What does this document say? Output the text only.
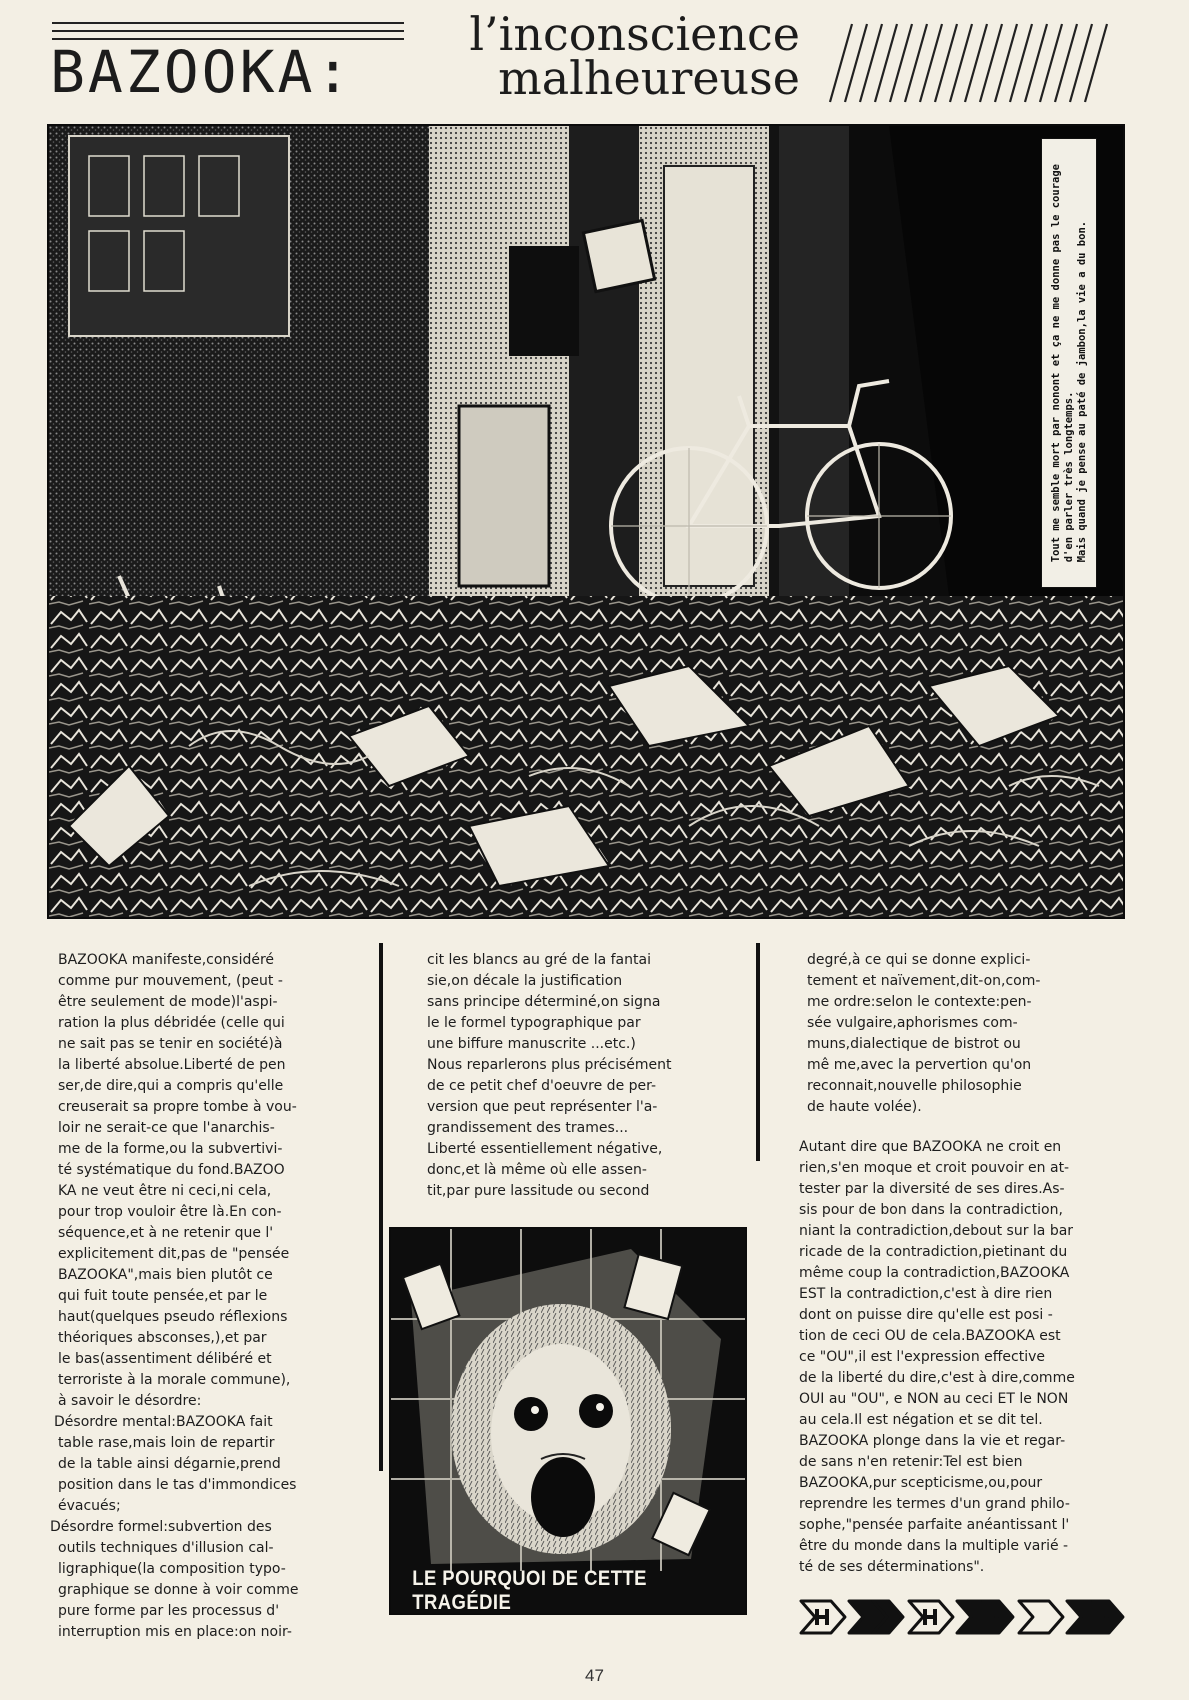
BAZOOKA:
l’inconscience
malheureuse
Tout me semble mort par nonont et ça ne me donne pas le courage d'en parler très longtemps. Mais quand je pense au paté de jambon,la vie a du bon.

BAZOOKA manifeste,considéré

comme pur mouvement, (peut -

être seulement de mode)l'aspi-

ration la plus débridée (celle qui

ne sait pas se tenir en société)à

la liberté absolue.Liberté de pen

ser,de dire,qui a compris qu'elle

creuserait sa propre tombe à vou-

loir ne serait-ce que l'anarchis-

me de la forme,ou la subvertivi-

té systématique du fond.BAZOO

KA ne veut être ni ceci,ni cela,

pour trop vouloir être là.En con-

séquence,et à ne retenir que l'

explicitement dit,pas de "pensée

BAZOOKA",mais bien plutôt ce

qui fuit toute pensée,et par le

haut(quelques pseudo réflexions

théoriques absconses,),et par

le bas(assentiment délibéré et

terroriste à la morale commune),

à savoir le désordre:

Désordre mental:BAZOOKA fait

table rase,mais loin de repartir

de la table ainsi dégarnie,prend

position dans le tas d'immondices

évacués;

Désordre formel:subvertion des

outils techniques d'illusion cal-

ligraphique(la composition typo-

graphique se donne à voir comme

pure forme par les processus d'

interruption mis en place:on noir-

cit les blancs au gré de la fantai

sie,on décale la justification

sans principe déterminé,on signa

le le formel typographique par

une biffure manuscrite ...etc.)

Nous reparlerons plus précisément

de ce petit chef d'oeuvre de per-

version que peut représenter l'a-

grandissement des trames...

Liberté essentiellement négative,

donc,et là même où elle assen-

tit,par pure lassitude ou second

LE POURQUOI DE CETTE TRAGÉDIE

degré,à ce qui se donne explici-

tement et naïvement,dit-on,com-

me ordre:selon le contexte:pen-

sée vulgaire,aphorismes com-

muns,dialectique de bistrot ou

mê me,avec la pervertion qu'on

reconnait,nouvelle philosophie

de haute volée).

Autant dire que BAZOOKA ne croit en

rien,s'en moque et croit pouvoir en at-

tester par la diversité de ses dires.As-

sis pour de bon dans la contradiction,

niant la contradiction,debout sur la bar

ricade de la contradiction,pietinant du

même coup la contradiction,BAZOOKA

EST la contradiction,c'est à dire rien

dont on puisse dire qu'elle est posi -

tion de ceci OU de cela.BAZOOKA est

ce "OU",il est l'expression effective

de la liberté du dire,c'est à dire,comme

OUI au "OU", e NON au ceci ET le NON

au cela.Il est négation et se dit tel.

BAZOOKA plonge dans la vie et regar-

de sans n'en retenir:Tel est bien

BAZOOKA,pur scepticisme,ou,pour

reprendre les termes d'un grand philo-

sophe,"pensée parfaite anéantissant l'

être du monde dans la multiple varié -

té de ses déterminations".

47
